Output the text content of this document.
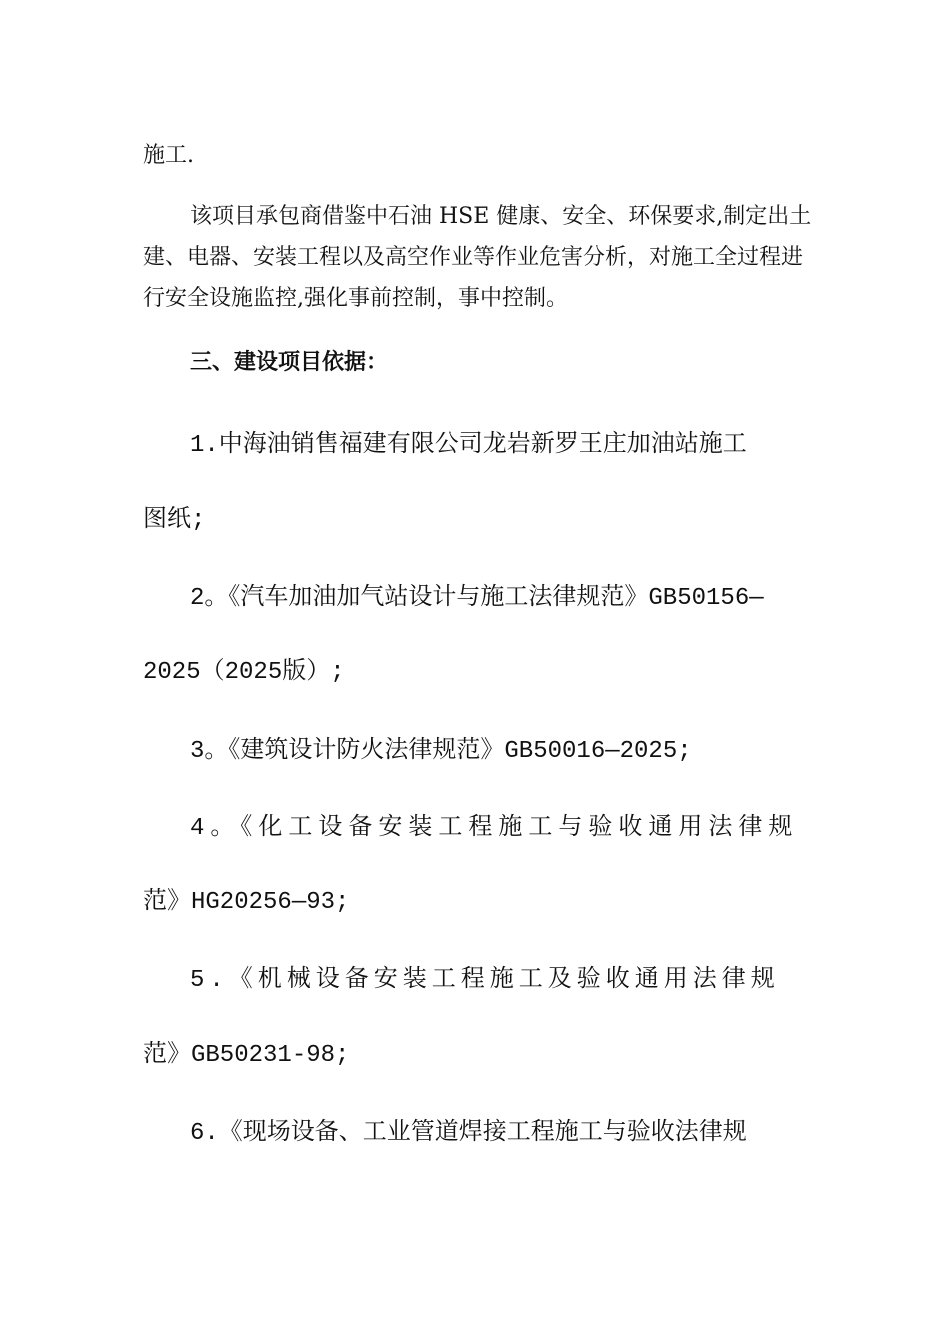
施工.

该项目承包商借鉴中石油 HSE 健康、安全、环保要求,制定出土

建、电器、安装工程以及高空作业等作业危害分析，对施工全过程进

行安全设施监控,强化事前控制，事中控制。

三、建设项目依据：

1.中海油销售福建有限公司龙岩新罗王庄加油站施工

图纸;

2。《汽车加油加气站设计与施工法律规范》GB50156—

2025（2025版）;

3。《建筑设计防火法律规范》GB50016—2025;

4。《化工设备安装工程施工与验收通用法律规

范》HG20256—93;

5.《机械设备安装工程施工及验收通用法律规

范》GB50231-98;

6.《现场设备、工业管道焊接工程施工与验收法律规
